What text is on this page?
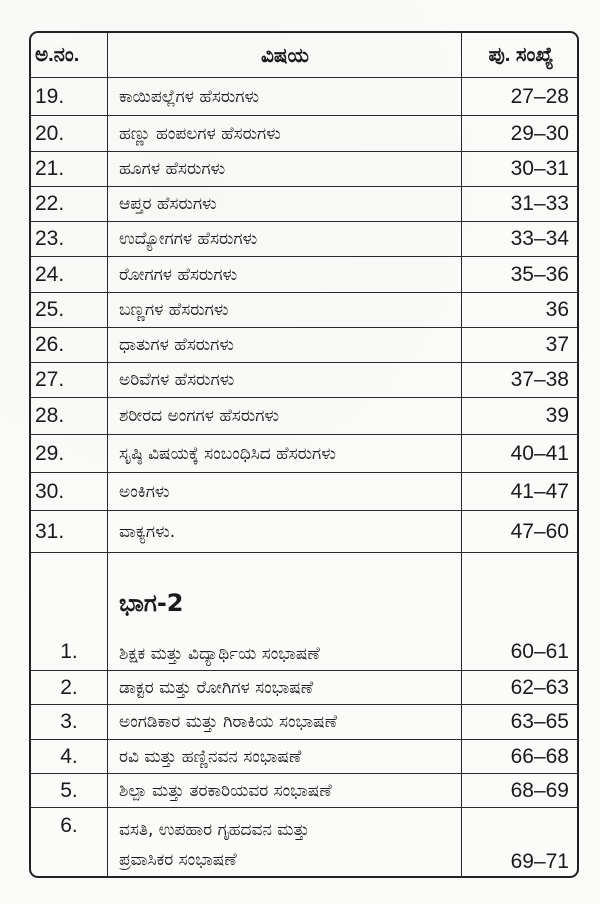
ಅ.ನಂ.	ವಿಷಯ	ಪು. ಸಂಖ್ಯೆ
19.	ಕಾಯಿಪಲ್ಲೆಗಳ ಹೆಸರುಗಳು	27–28
20.	ಹಣ್ಣು ಹಂಪಲಗಳ ಹೆಸರುಗಳು	29–30
21.	ಹೂಗಳ ಹೆಸರುಗಳು	30–31
22.	ಆಪ್ತರ ಹೆಸರುಗಳು	31–33
23.	ಉದ್ಯೋಗಗಳ ಹೆಸರುಗಳು	33–34
24.	ರೋಗಗಳ ಹೆಸರುಗಳು	35–36
25.	ಬಣ್ಣಗಳ ಹೆಸರುಗಳು	36
26.	ಧಾತುಗಳ ಹೆಸರುಗಳು	37
27.	ಅರಿವೆಗಳ ಹೆಸರುಗಳು	37–38
28.	ಶರೀರದ ಅಂಗಗಳ ಹೆಸರುಗಳು	39
29.	ಸೃಷ್ಠಿ ವಿಷಯಕ್ಕೆ ಸಂಬಂಧಿಸಿದ ಹೆಸರುಗಳು	40–41
30.	ಅಂಕಿಗಳು	41–47
31.	ವಾಕ್ಯಗಳು.	47–60
ಭಾಗ-2
1.	ಶಿಕ್ಷಕ ಮತ್ತು ವಿದ್ಯಾರ್ಥಿಯ ಸಂಭಾಷಣೆ	60–61
2.	ಡಾಕ್ಟರ ಮತ್ತು ರೋಗಿಗಳ ಸಂಭಾಷಣೆ	62–63
3.	ಅಂಗಡಿಕಾರ ಮತ್ತು ಗಿರಾಕಿಯ ಸಂಭಾಷಣೆ	63–65
4.	ರವಿ ಮತ್ತು ಹಣ್ಣಿನವನ ಸಂಭಾಷಣೆ	66–68
5.	ಶಿಲ್ಪಾ ಮತ್ತು ತರಕಾರಿಯವರ ಸಂಭಾಷಣೆ	68–69
6.	ವಸತಿ, ಉಪಹಾರ ಗೃಹದವನ ಮತ್ತು
ಪ್ರವಾಸಿಕರ ಸಂಭಾಷಣೆ	69–71
